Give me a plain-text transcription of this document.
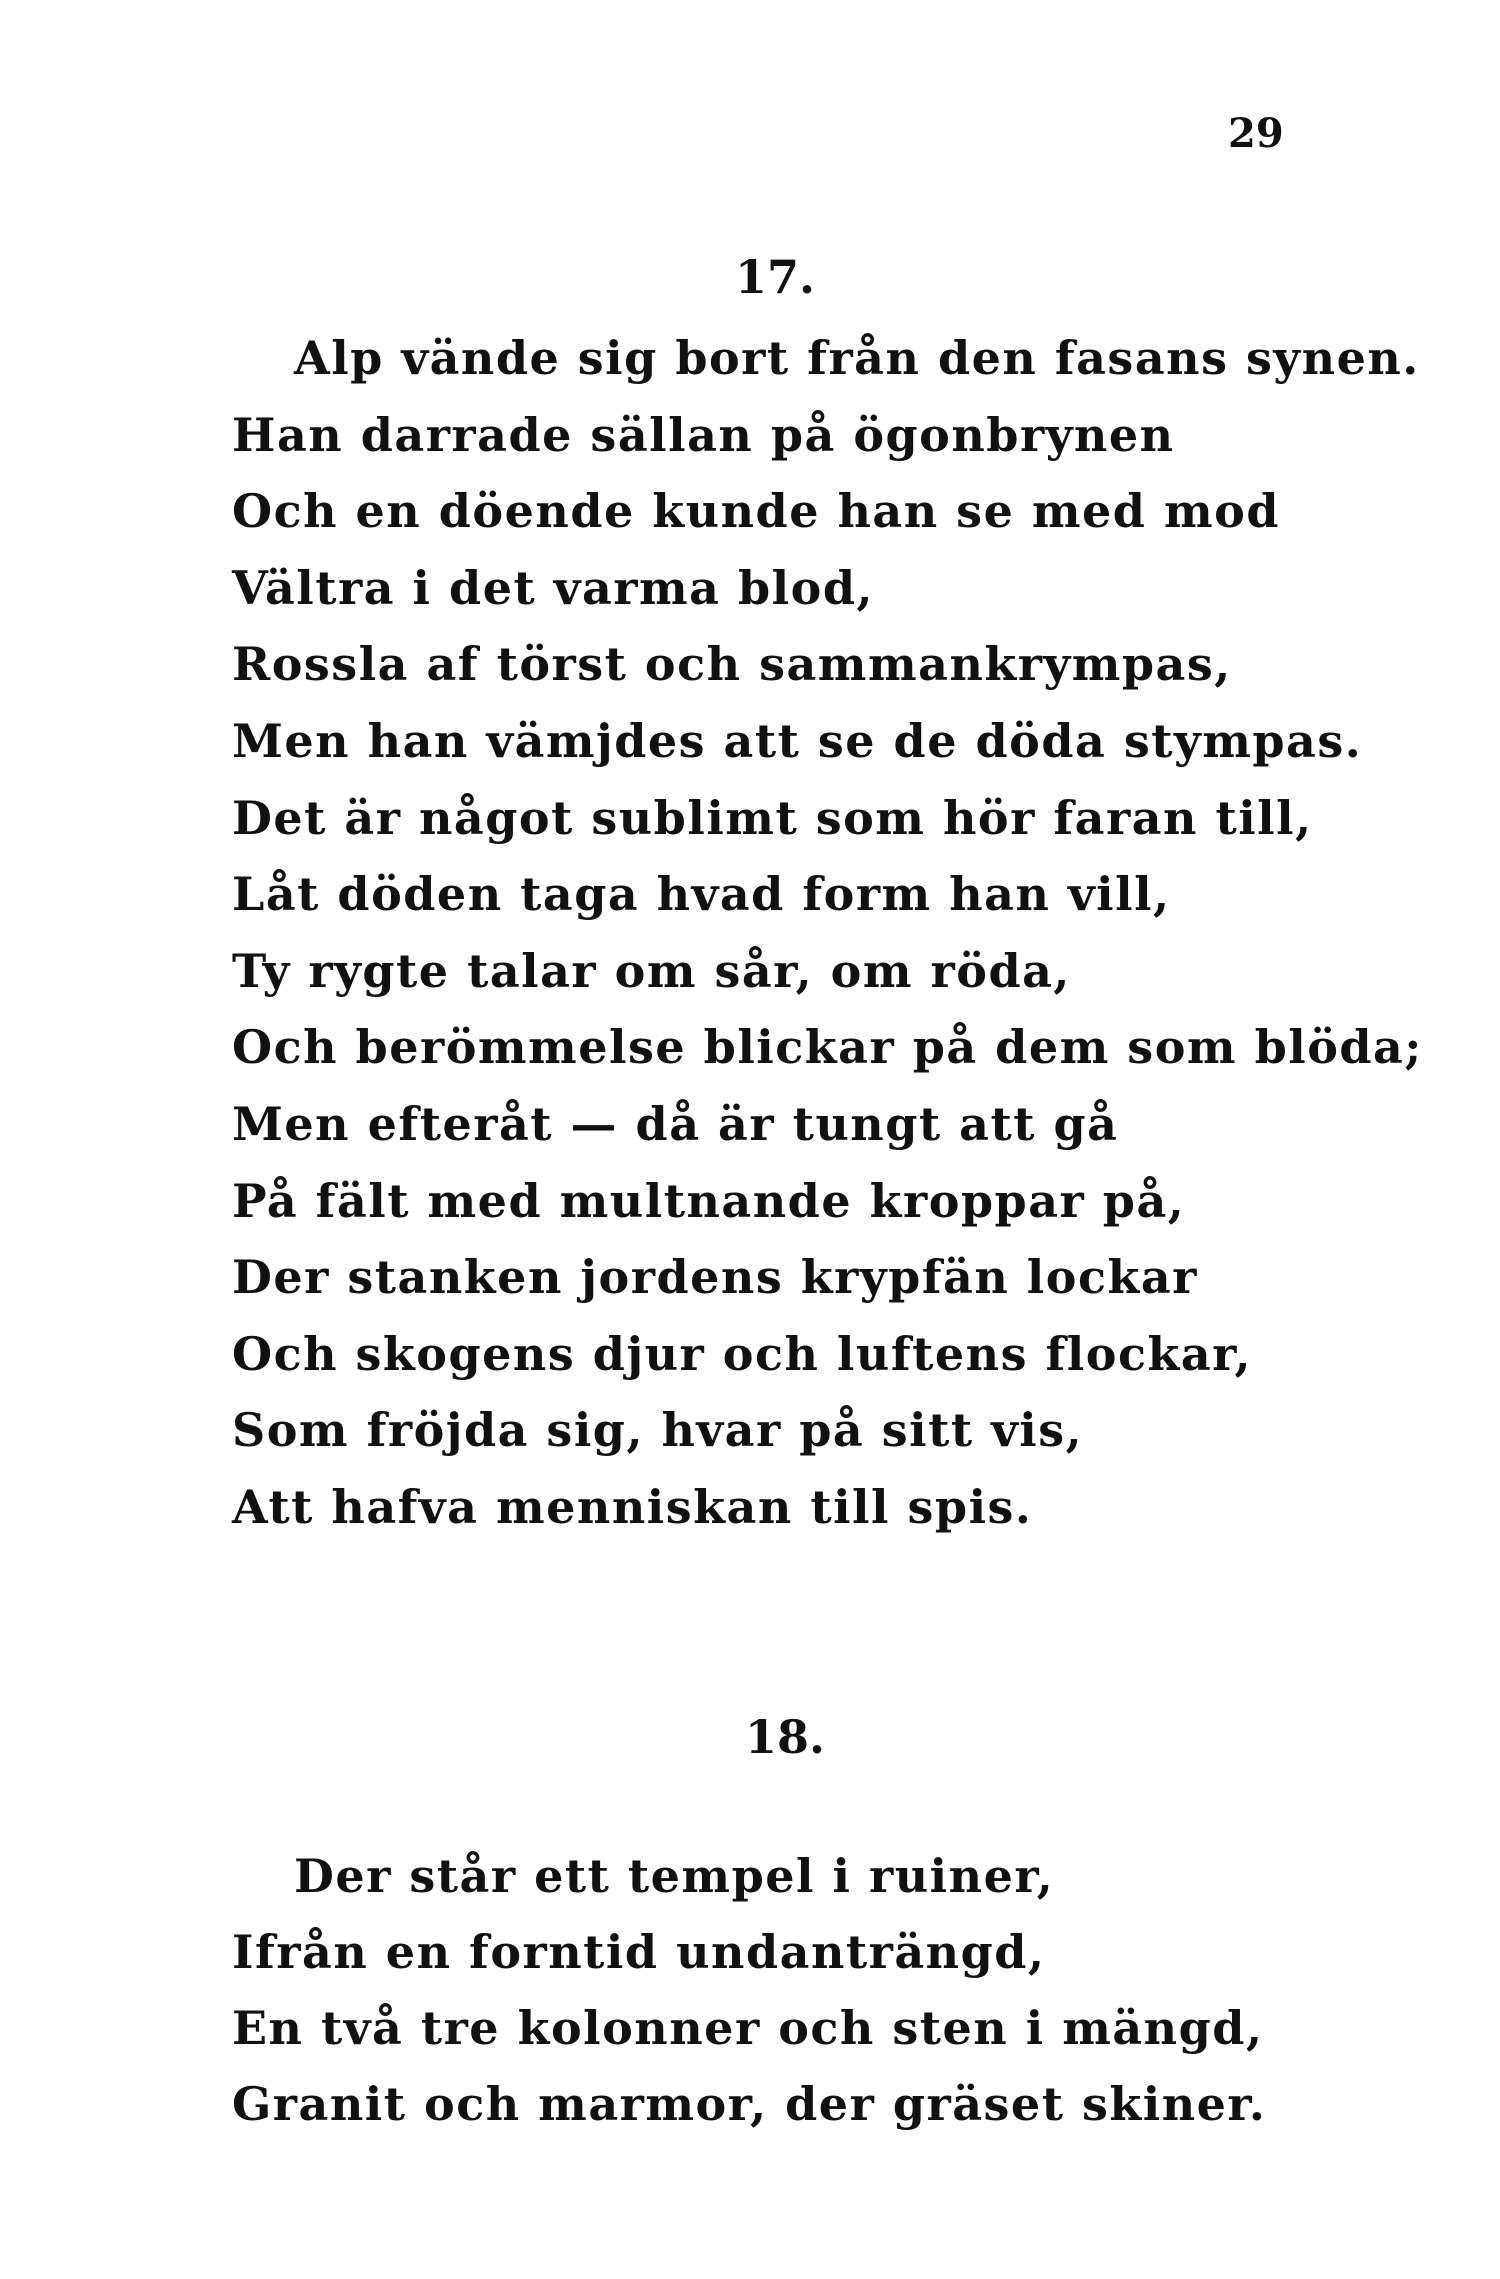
29
17.
Alp vände sig bort från den fasans synen.
Han darrade sällan på ögonbrynen
Och en döende kunde han se med mod
Vältra i det varma blod,
Rossla af törst och sammankrympas,
Men han vämjdes att se de döda stympas.
Det är något sublimt som hör faran till,
Låt döden taga hvad form han vill,
Ty rygte talar om sår, om röda,
Och berömmelse blickar på dem som blöda;
Men efteråt — då är tungt att gå
På fält med multnande kroppar på,
Der stanken jordens krypfän lockar
Och skogens djur och luftens flockar,
Som fröjda sig, hvar på sitt vis,
Att hafva menniskan till spis.
18.
Der står ett tempel i ruiner,
Ifrån en forntid undanträngd,
En två tre kolonner och sten i mängd,
Granit och marmor, der gräset skiner.
